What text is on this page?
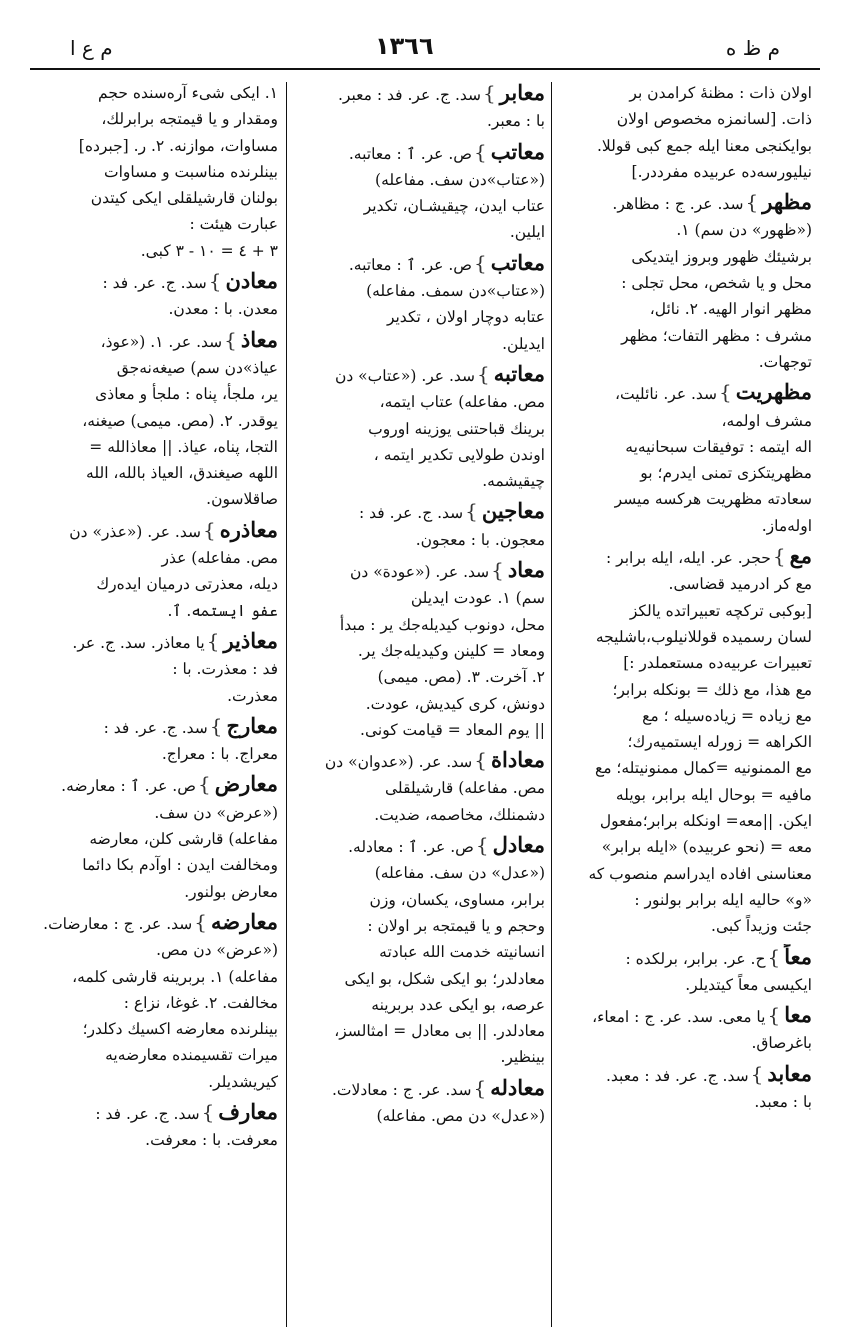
م ع ا	١٣٦٦	م ظ ه
اولان ذات : مظنهٔ كرامدن بر
ذات. [لسانمزه مخصوص اولان
بوایكنجی معنا ایله جمع كبی قوللا.
نیلیورسه‌ده عربیده مفرددر.]
مظهر}سد. عر. ج : مظاهر.
(«ظهور» دن سم) ١.
برشیئك ظهور وبروز ایتدیكی
محل و یا شخص، محل تجلی :
مظهر انوار الهیه. ٢. نائل،
مشرف : مظهر التفات؛ مظهر
توجهات.
مظهریت}سد. عر. نائلیت،
مشرف اولمه،
اله ایتمه : توفیقات سبحانیه‌یه
مظهریتكزی تمنی ایدرم؛ بو
سعادته مظهریت هركسه میسر
اوله‌ماز.
مع}حجر. عر. ایله، ایله برابر :
مع كر ادرمید قضاسی.
[بوكبی تركچه تعبیراتده یالكز
لسان رسمیده قوللانیلوب،باشلیجه
تعبیرات عربیه‌ده مستعملدر :]
مع هذا، مع ذلك = بونكله برابر؛
مع زیاده = زیاده‌سیله ؛ مع
الكراهه = زورله ایستمیه‌رك؛
مع الممنونیه =كمال ممنونیتله؛ مع
مافیه = بوحال ایله برابر، بویله
ایكن. ||معه= اونكله برابر؛مفعول
معه = (نحو عربیده) «ایله برابر»
معناسنی افاده ایدراسم منصوب كه
«و» حالیه ایله برابر بولنور :
جئت وزیداً كبی.
معاً}ح. عر. برابر، برلكده :
ایكیسی معاً كیتدیلر.
معا}یا معی. سد. عر. ج : امعاء،
باغرصاق.
معابد}سد. ج. عر. فد : معبد.
با : معبد.
معابر}سد. ج. عر. فد : معبر.
با : معبر.
معاتب}ص. عر. ٱ : معاتبه.
(«عتاب»دن سف. مفاعله)
عتاب ایدن، چیقیشـان، تكدیر
ایلین.
معاتب}ص. عر. ٱ : معاتبه.
(«عتاب»دن سمف. مفاعله)
عتابه دوچار اولان ، تكدیر
ایدیلن.
معاتبه}سد. عر. («عتاب» دن
مص. مفاعله) عتاب ایتمه،
برینك قباحتنی یوزینه اوروب
اوندن طولایی تكدیر ایتمه ،
چیقیشمه.
معاجین}سد. ج. عر. فد :
معجون. با : معجون.
معاد}سد. عر. («عودة» دن
سم) ١. عودت ایدیلن
محل، دونوب كیدیله‌جك یر : مبدأ
ومعاد = كلینن وكیدیله‌جك یر.
٢. آخرت. ٣. (مص. میمی)
دونش، كری كیدیش، عودت.
|| یوم المعاد = قیامت كونی.
معاداة}سد. عر. («عدوان» دن
مص. مفاعله) قارشیلقلی
دشمنلك، مخاصمه، ضدیت.
معادل}ص. عر. ٱ : معادله.
(«عدل» دن سف. مفاعله)
برابر، مساوی، یكسان، وزن
وحجم و یا قیمتجه بر اولان :
انسانیته خدمت الله عبادته
معادلدر؛ بو ایكی شكل، بو ایكی
عرصه، بو ایكی عدد بربرینه
معادلدر. || بی معادل = امثالسز،
بینظیر.
معادله}سد. عر. ج : معادلات.
(«عدل» دن مص. مفاعله)
١. ایكی شیء آره‌سنده حجم
ومقدار و یا قیمتجه برابرلك،
مساوات، موازنه. ٢. ر. [جبرده]
بینلرنده مناسبت و مساوات
بولنان قارشیلقلی ایكی كیتدن
عبارت هیئت :
٣ + ٤ = ١٠ - ٣ كبی.
معادن}سد. ج. عر. فد :
معدن. با : معدن.
معاذ}سد. عر. ١. («عوذ،
عیاذ»دن سم) صیغه‌نه‌جق
یر، ملجأ، پناه : ملجأ و معاذی
یوقدر. ٢. (مص. میمی) صیغنه،
التجا، پناه، عیاذ. || معاذالله =
اللهه صیغندق، العیاذ بالله، الله
صاقلاسون.
معاذره}سد. عر. («عذر» دن
مص. مفاعله) عذر
دیله، معذرتی درمیان ایده‌رك
عفو ایستمه. ٱ.
معاذیر}یا معاذر. سد. ج. عر.
فد : معذرت. با :
معذرت.
معارج}سد. ج. عر. فد :
معراج. با : معراج.
معارض}ص. عر. ٱ : معارضه.
(«عرض» دن سف.
مفاعله) قارشی كلن، معارضه
ومخالفت ایدن : اوآدم بكا دائما
معارض بولنور.
معارضه}سد. عر. ج : معارضات.
(«عرض» دن مص.
مفاعله) ١. بربرینه قارشی كلمه،
مخالفت. ٢. غوغا، نزاع :
بینلرنده معارضه اكسیك دكلدر؛
میرات تقسیمنده معارضه‌یه
كیریشدیلر.
معارف}سد. ج. عر. فد :
معرفت. با : معرفت.
